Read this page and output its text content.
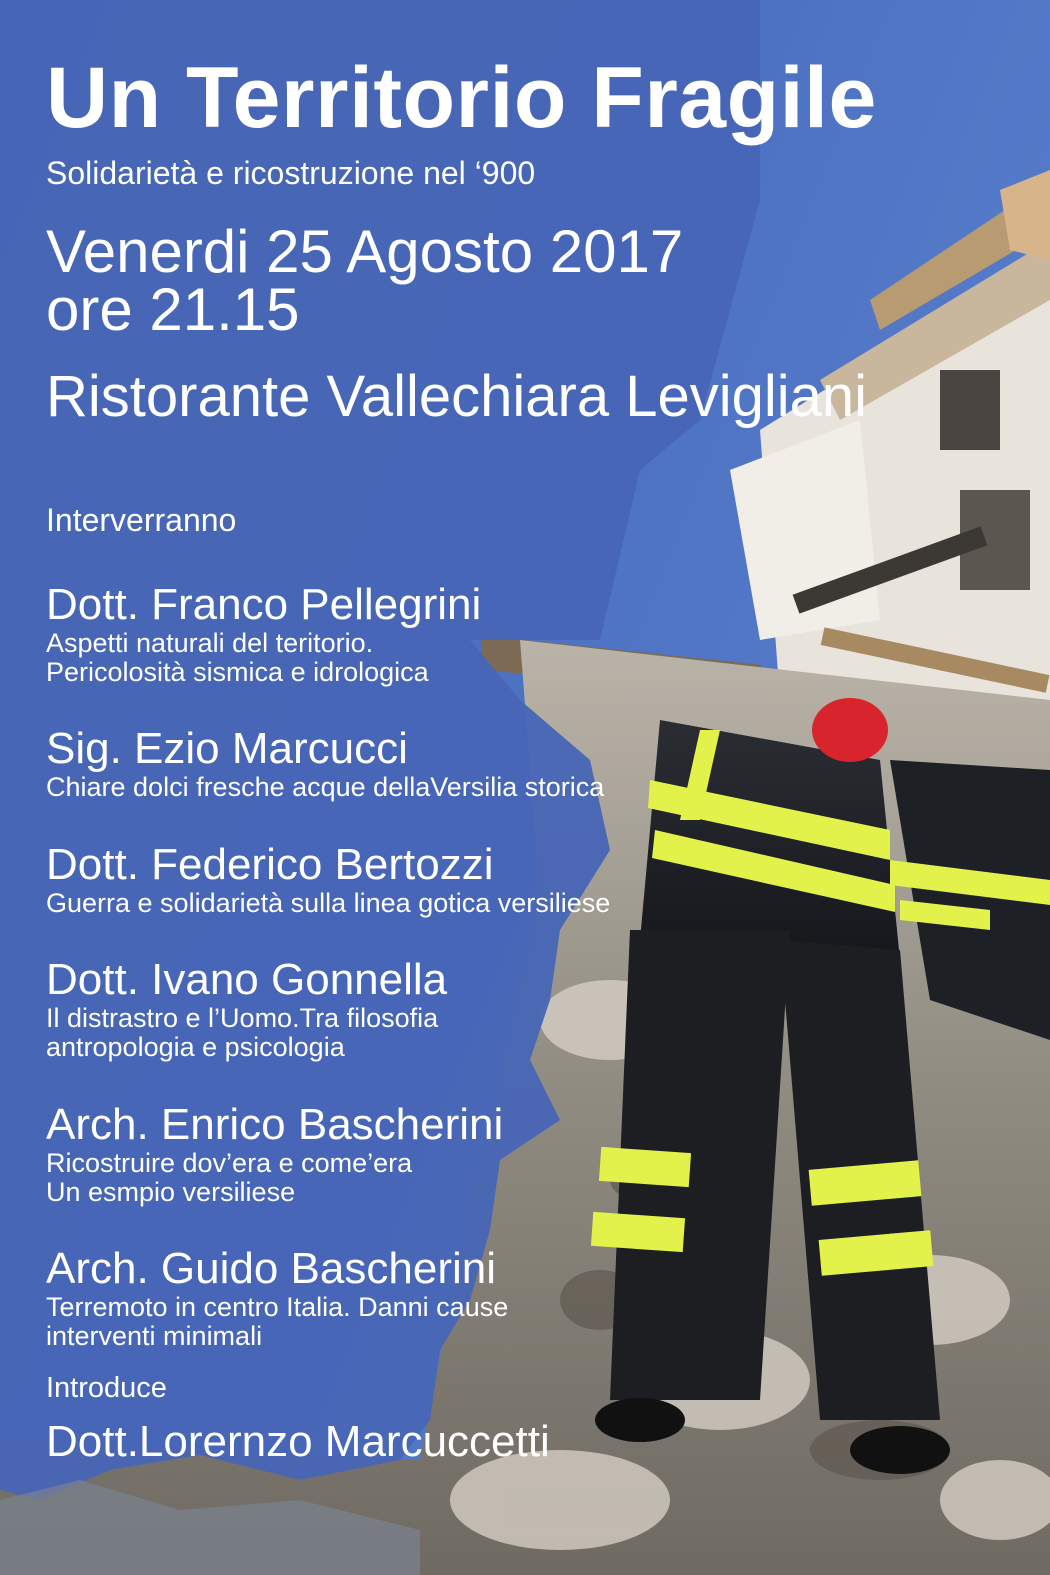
Un Territorio Fragile
Solidarietà e ricostruzione nel ‘900
Venerdi 25 Agosto 2017
ore 21.15
Ristorante Vallechiara Levigliani
Interverranno
Dott. Franco Pellegrini
Aspetti naturali del teritorio.
Pericolosità sismica e idrologica
Sig. Ezio Marcucci
Chiare dolci fresche acque dellaVersilia storica
Dott. Federico Bertozzi
Guerra e solidarietà sulla linea gotica versiliese
Dott. Ivano Gonnella
Il distrastro e l’Uomo.Tra filosofia
antropologia e psicologia
Arch. Enrico Bascherini
Ricostruire dov’era e come’era
Un esmpio versiliese
Arch. Guido Bascherini
Terremoto in centro Italia. Danni cause
interventi minimali
Introduce
Dott.Lorernzo Marcuccetti
